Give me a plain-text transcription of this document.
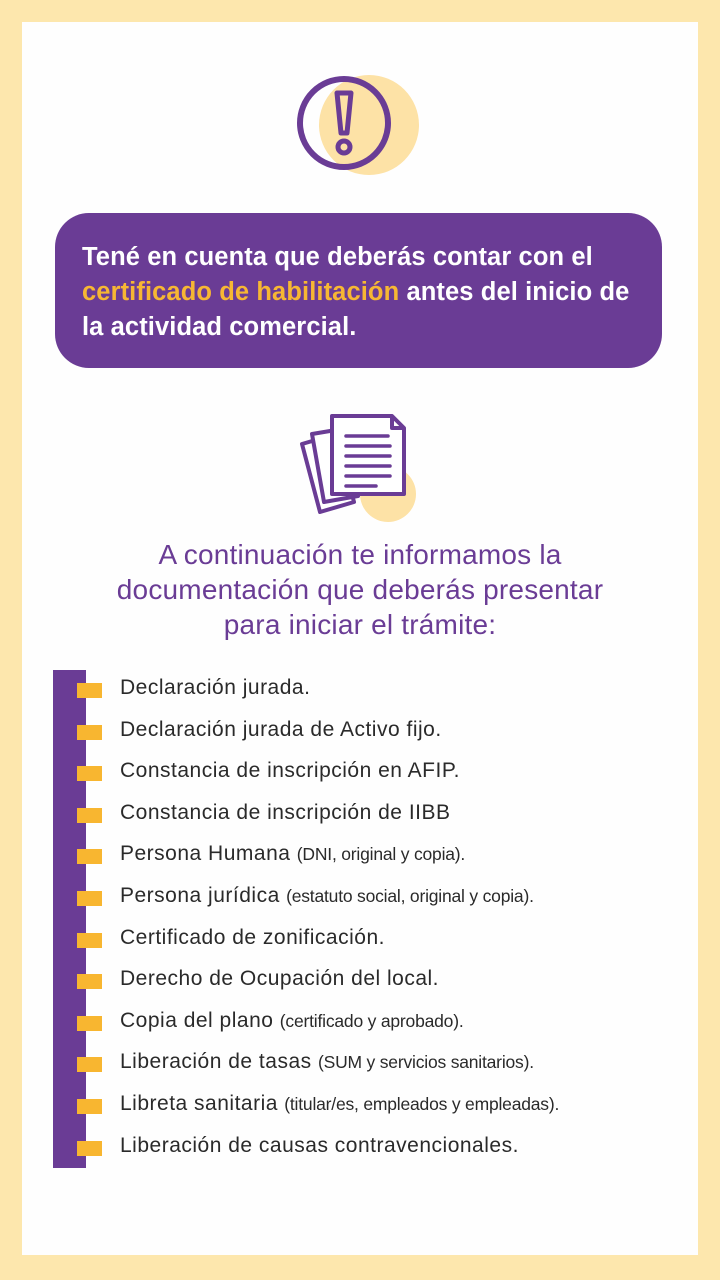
Tené en cuenta que deberás contar con el certificado de habilitación antes del inicio de la actividad comercial.
A continuación te informamos la
documentación que deberás presentar
para iniciar el trámite:
Declaración jurada.
Declaración jurada de Activo fijo.
Constancia de inscripción en AFIP.
Constancia de inscripción de IIBB
Persona Humana (DNI, original y copia).
Persona jurídica (estatuto social, original y copia).
Certificado de zonificación.
Derecho de Ocupación del local.
Copia del plano (certificado y aprobado).
Liberación de tasas (SUM y servicios sanitarios).
Libreta sanitaria (titular/es, empleados y empleadas).
Liberación de causas contravencionales.
